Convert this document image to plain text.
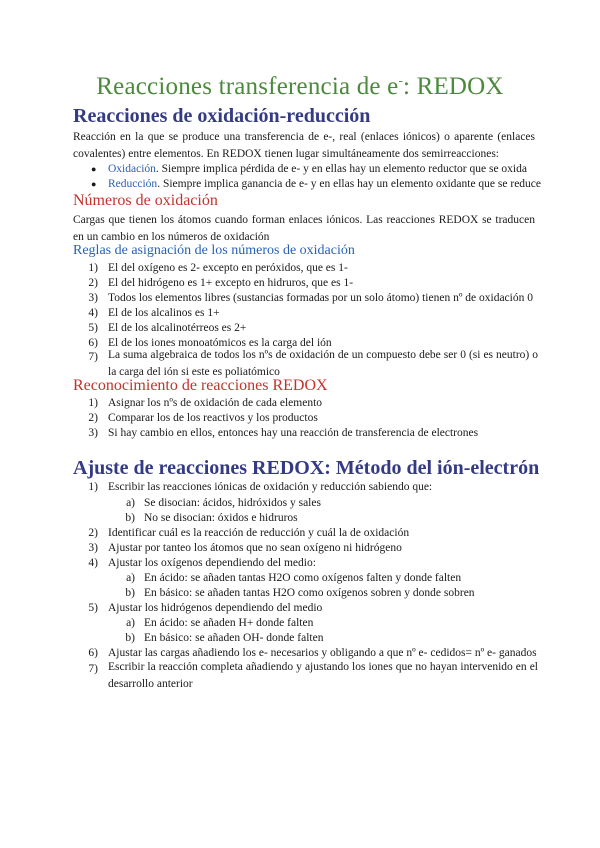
Reacciones transferencia de e-: REDOX
Reacciones de oxidación-reducción
Reacción en la que se produce una transferencia de e-, real (enlaces iónicos) o aparente (enlaces covalentes) entre elementos. En REDOX tienen lugar simultáneamente dos semirreacciones:
● Oxidación. Siempre implica pérdida de e- y en ellas hay un elemento reductor que se oxida
● Reducción. Siempre implica ganancia de e- y en ellas hay un elemento oxidante que se reduce
Números de oxidación
Cargas que tienen los átomos cuando forman enlaces iónicos. Las reacciones REDOX se traducen en un cambio en los números de oxidación
Reglas de asignación de los números de oxidación
1) El del oxígeno es 2- excepto en peróxidos, que es 1-
2) El del hidrógeno es 1+ excepto en hidruros, que es 1-
3) Todos los elementos libres (sustancias formadas por un solo átomo) tienen nº de oxidación 0
4) El de los alcalinos es 1+
5) El de los alcalinotérreos es 2+
6) El de los iones monoatómicos es la carga del ión
7) La suma algebraica de todos los nºs de oxidación de un compuesto debe ser 0 (si es neutro) o la carga del ión si este es poliatómico
Reconocimiento de reacciones REDOX
1) Asignar los nºs de oxidación de cada elemento
2) Comparar los de los reactivos y los productos
3) Si hay cambio en ellos, entonces hay una reacción de transferencia de electrones
Ajuste de reacciones REDOX: Método del ión-electrón
1) Escribir las reacciones iónicas de oxidación y reducción sabiendo que:
a) Se disocian: ácidos, hidróxidos y sales
b) No se disocian: óxidos e hidruros
2) Identificar cuál es la reacción de reducción y cuál la de oxidación
3) Ajustar por tanteo los átomos que no sean oxígeno ni hidrógeno
4) Ajustar los oxígenos dependiendo del medio:
a) En ácido: se añaden tantas H2O como oxígenos falten y donde falten
b) En básico: se añaden tantas H2O como oxígenos sobren y donde sobren
5) Ajustar los hidrógenos dependiendo del medio
a) En ácido: se añaden H+ donde falten
b) En básico: se añaden OH- donde falten
6) Ajustar las cargas añadiendo los e- necesarios y obligando a que nº e- cedidos= nº e- ganados
7) Escribir la reacción completa añadiendo y ajustando los iones que no hayan intervenido en el desarrollo anterior
